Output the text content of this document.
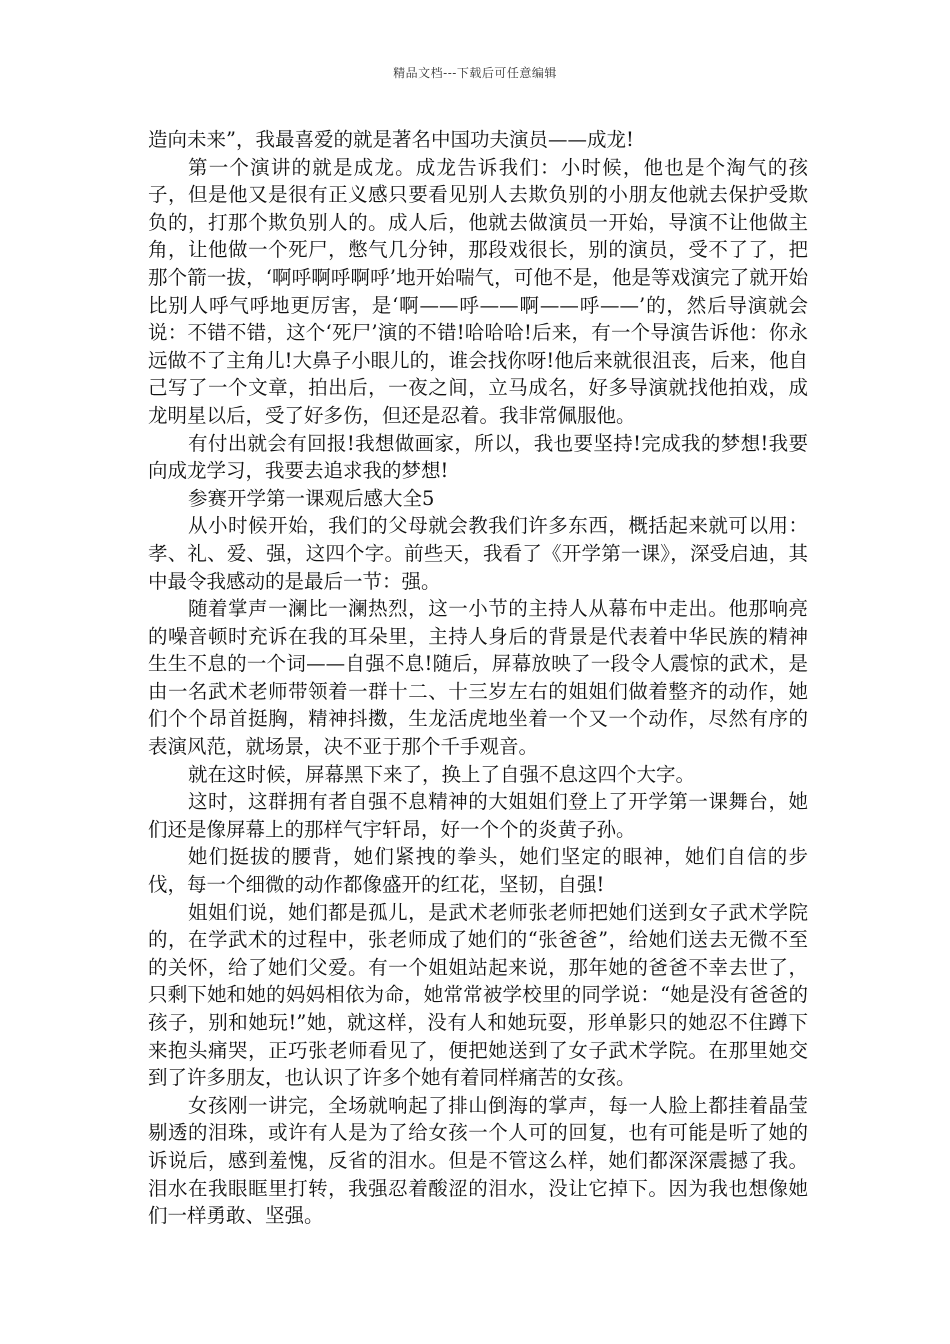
精品文档---下载后可任意编辑

造向未来”，我最喜爱的就是著名中国功夫演员——成龙!

第一个演讲的就是成龙。成龙告诉我们：小时候，他也是个淘气的孩子，但是他又是很有正义感只要看见别人去欺负别的小朋友他就去保护受欺负的，打那个欺负别人的。成人后，他就去做演员一开始，导演不让他做主角，让他做一个死尸，憋气几分钟，那段戏很长，别的演员，受不了了，把那个箭一拔，‘啊呼啊呼啊呼’地开始喘气，可他不是，他是等戏演完了就开始比别人呼气呼地更厉害，是‘啊——呼——啊——呼——’的，然后导演就会说：不错不错，这个‘死尸’演的不错!哈哈哈!后来，有一个导演告诉他：你永远做不了主角儿!大鼻子小眼儿的，谁会找你呀!他后来就很沮丧，后来，他自己写了一个文章，拍出后，一夜之间，立马成名，好多导演就找他拍戏，成龙明星以后，受了好多伤，但还是忍着。我非常佩服他。

有付出就会有回报!我想做画家，所以，我也要坚持!完成我的梦想!我要向成龙学习，我要去追求我的梦想!

参赛开学第一课观后感大全5

从小时候开始，我们的父母就会教我们许多东西，概括起来就可以用：孝、礼、爱、强，这四个字。前些天，我看了《开学第一课》，深受启迪，其中最令我感动的是最后一节：强。

随着掌声一澜比一澜热烈，这一小节的主持人从幕布中走出。他那响亮的噪音顿时充诉在我的耳朵里，主持人身后的背景是代表着中华民族的精神生生不息的一个词——自强不息!随后，屏幕放映了一段令人震惊的武术，是由一名武术老师带领着一群十二、十三岁左右的姐姐们做着整齐的动作，她们个个昂首挺胸，精神抖擞，生龙活虎地坐着一个又一个动作，尽然有序的表演风范，就场景，决不亚于那个千手观音。

就在这时候，屏幕黑下来了，换上了自强不息这四个大字。

这时，这群拥有者自强不息精神的大姐姐们登上了开学第一课舞台，她们还是像屏幕上的那样气宇轩昂，好一个个的炎黄子孙。

她们挺拔的腰背，她们紧拽的拳头，她们坚定的眼神，她们自信的步伐，每一个细微的动作都像盛开的红花，坚韧，自强!

姐姐们说，她们都是孤儿，是武术老师张老师把她们送到女子武术学院的，在学武术的过程中，张老师成了她们的“张爸爸”，给她们送去无微不至的关怀，给了她们父爱。有一个姐姐站起来说，那年她的爸爸不幸去世了，只剩下她和她的妈妈相依为命，她常常被学校里的同学说：“她是没有爸爸的孩子，别和她玩!”她，就这样，没有人和她玩耍，形单影只的她忍不住蹲下来抱头痛哭，正巧张老师看见了，便把她送到了女子武术学院。在那里她交到了许多朋友，也认识了许多个她有着同样痛苦的女孩。

女孩刚一讲完，全场就响起了排山倒海的掌声，每一人脸上都挂着晶莹剔透的泪珠，或许有人是为了给女孩一个人可的回复，也有可能是听了她的诉说后，感到羞愧，反省的泪水。但是不管这么样，她们都深深震撼了我。泪水在我眼眶里打转，我强忍着酸涩的泪水，没让它掉下。因为我也想像她们一样勇敢、坚强。
